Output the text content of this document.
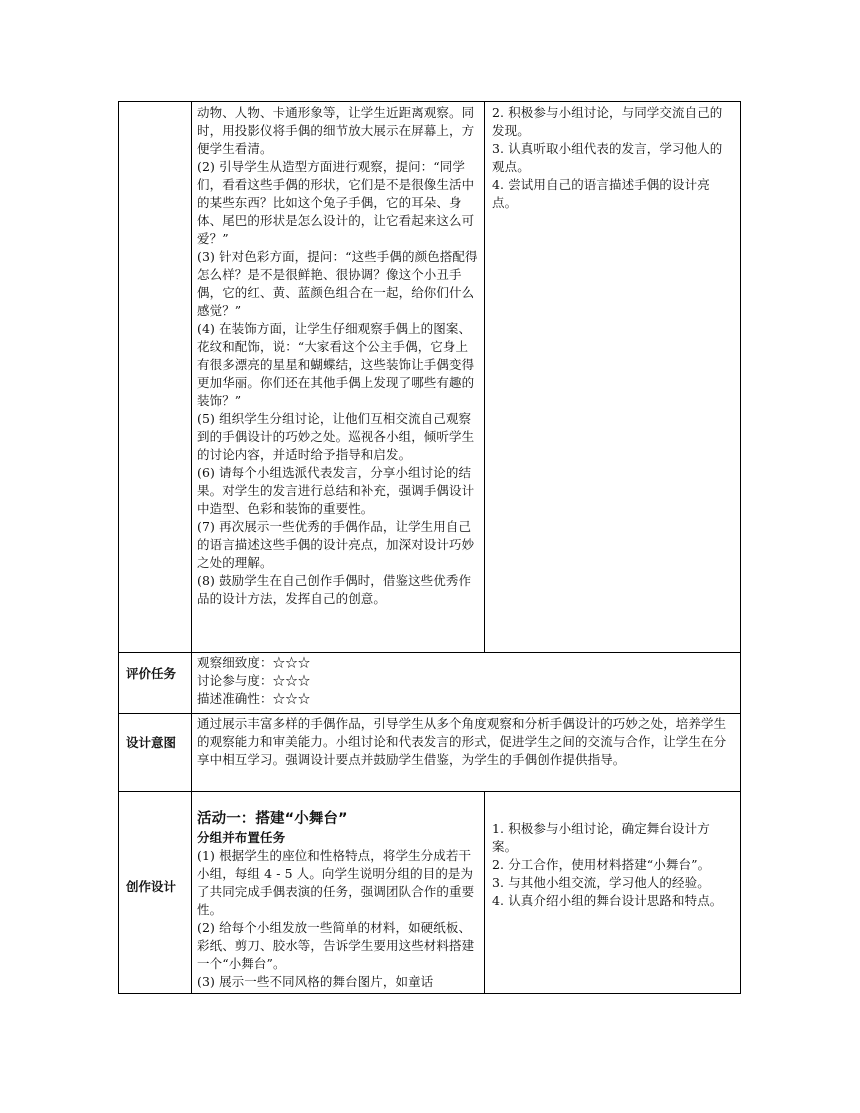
动物、人物、卡通形象等，让学生近距离观察。同时，用投影仪将手偶的细节放大展示在屏幕上，方便学生看清。

(2) 引导学生从造型方面进行观察，提问：“同学们，看看这些手偶的形状，它们是不是很像生活中的某些东西？比如这个兔子手偶，它的耳朵、身体、尾巴的形状是怎么设计的，让它看起来这么可爱？”

(3) 针对色彩方面，提问：“这些手偶的颜色搭配得怎么样？是不是很鲜艳、很协调？像这个小丑手偶，它的红、黄、蓝颜色组合在一起，给你们什么感觉？”

(4) 在装饰方面，让学生仔细观察手偶上的图案、花纹和配饰，说：“大家看这个公主手偶，它身上有很多漂亮的星星和蝴蝶结，这些装饰让手偶变得更加华丽。你们还在其他手偶上发现了哪些有趣的装饰？”

(5) 组织学生分组讨论，让他们互相交流自己观察到的手偶设计的巧妙之处。巡视各小组，倾听学生的讨论内容，并适时给予指导和启发。

(6) 请每个小组选派代表发言，分享小组讨论的结果。对学生的发言进行总结和补充，强调手偶设计中造型、色彩和装饰的重要性。

(7) 再次展示一些优秀的手偶作品，让学生用自己的语言描述这些手偶的设计亮点，加深对设计巧妙之处的理解。

(8) 鼓励学生在自己创作手偶时，借鉴这些优秀作品的设计方法，发挥自己的创意。

2. 积极参与小组讨论，与同学交流自己的发现。

3. 认真听取小组代表的发言，学习他人的观点。

4. 尝试用自己的语言描述手偶的设计亮点。

评价任务

观察细致度：☆☆☆

讨论参与度：☆☆☆

描述准确性：☆☆☆

设计意图
通过展示丰富多样的手偶作品，引导学生从多个角度观察和分析手偶设计的巧妙之处，培养学生的观察能力和审美能力。小组讨论和代表发言的形式，促进学生之间的交流与合作，让学生在分享中相互学习。强调设计要点并鼓励学生借鉴，为学生的手偶创作提供指导。
创作设计

活动一：搭建“小舞台”

分组并布置任务

(1) 根据学生的座位和性格特点，将学生分成若干小组，每组 4 - 5 人。向学生说明分组的目的是为了共同完成手偶表演的任务，强调团队合作的重要性。

(2) 给每个小组发放一些简单的材料，如硬纸板、彩纸、剪刀、胶水等，告诉学生要用这些材料搭建一个“小舞台”。

(3) 展示一些不同风格的舞台图片，如童话

1. 积极参与小组讨论，确定舞台设计方案。

2. 分工合作，使用材料搭建“小舞台”。

3. 与其他小组交流，学习他人的经验。

4. 认真介绍小组的舞台设计思路和特点。
